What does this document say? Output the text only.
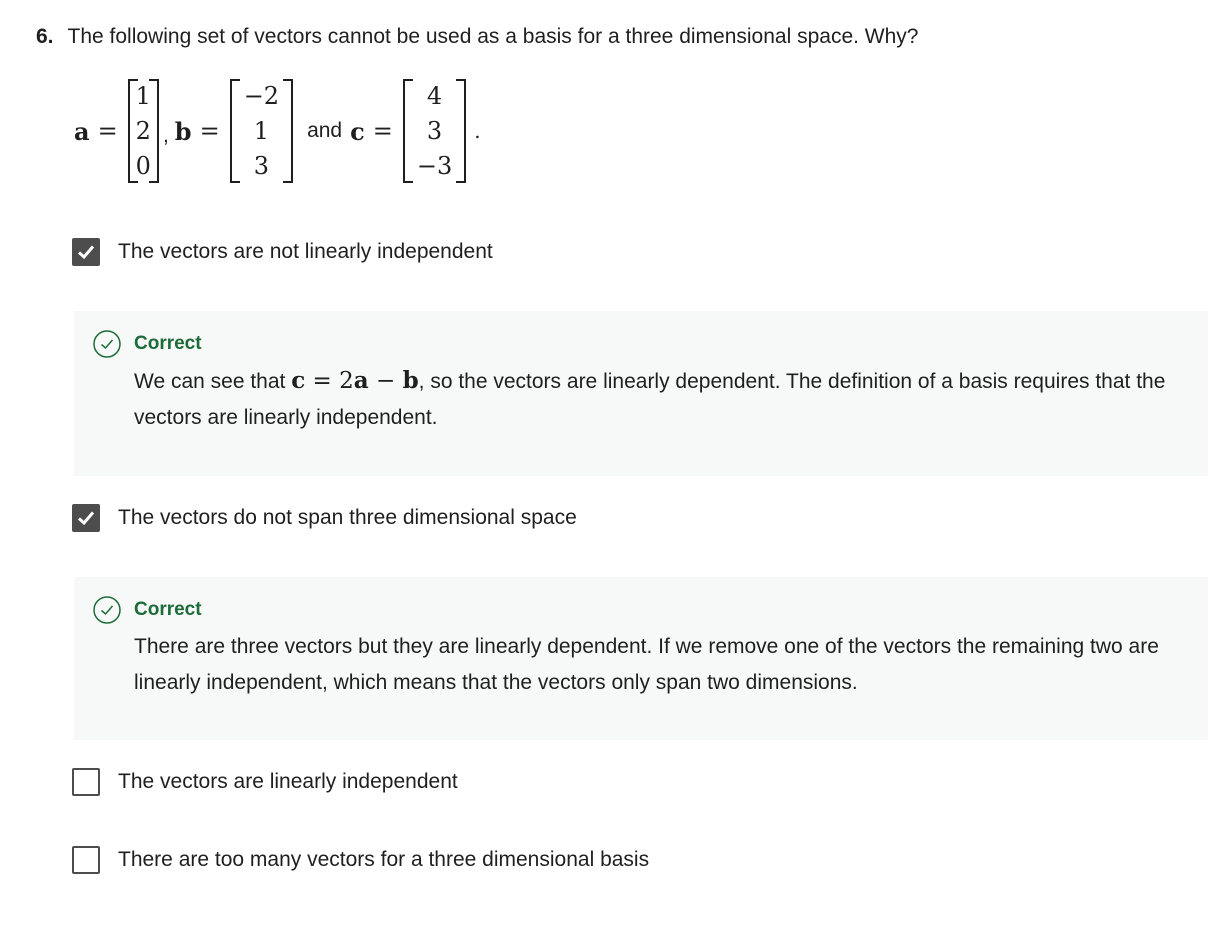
6. The following set of vectors cannot be used as a basis for a three dimensional space. Why?
a =
1
2
0
, b =
−2
1
3
and c =
4
3
−3
.
The vectors are not linearly independent
Correct
We can see that c = 2a − b, so the vectors are linearly dependent. The definition of a basis requires that the vectors are linearly independent.
The vectors do not span three dimensional space
Correct
There are three vectors but they are linearly dependent. If we remove one of the vectors the remaining two are linearly independent, which means that the vectors only span two dimensions.
The vectors are linearly independent
There are too many vectors for a three dimensional basis
